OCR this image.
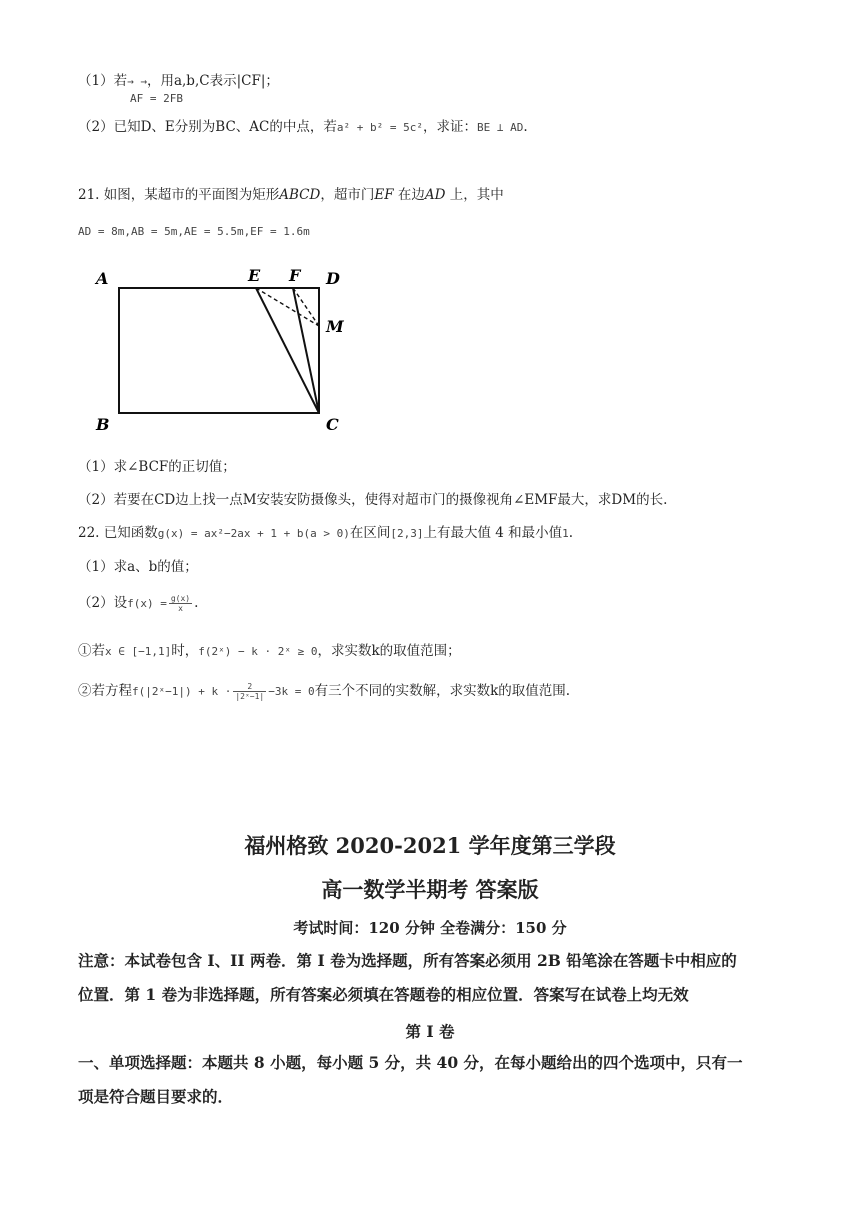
（1）若→ →，用a,b,C表示|CF|；
AF = 2FB
（2）已知D、E分别为BC、AC的中点，若a² + b² = 5c²，求证：BE ⊥ AD.
21. 如图，某超市的平面图为矩形ABCD，超市门EF 在边AD 上，其中
AD = 8m,AB = 5m,AE = 5.5m,EF = 1.6m
A	E F D
M
B	C
（1）求∠BCF的正切值；
（2）若要在CD边上找一点M安装安防摄像头，使得对超市门的摄像视角∠EMF最大，求DM的长.
22. 已知函数g(x) = ax²−2ax + 1 + b(a > 0)在区间[2,3]上有最大值 4 和最小值1.
（1）求a、b的值；
（2）设$f(x) = \frac{g(x)}{x}$ .
①若x ∈ [−1,1]时，f(2ˣ) − k · 2ˣ ≥ 0，求实数k的取值范围；
②若方程f(|2ˣ−1|) + $k \cdot \frac{2}{\text{|2ˣ−1|}} -3k = 0$有三个不同的实数解，求实数k的取值范围.
福州格致 2020-2021 学年度第三学段
高一数学半期考 答案版
考试时间：120 分钟 全卷满分：150 分
注意：本试卷包含 I、II 两卷．第 I 卷为选择题，所有答案必须用 2B 铅笔涂在答题卡中相应的
位置．第 1 卷为非选择题，所有答案必须填在答题卷的相应位置．答案写在试卷上均无效
第 I 卷
一、单项选择题：本题共 8 小题，每小题 5 分，共 40 分，在每小题给出的四个选项中，只有一
项是符合题目要求的．
